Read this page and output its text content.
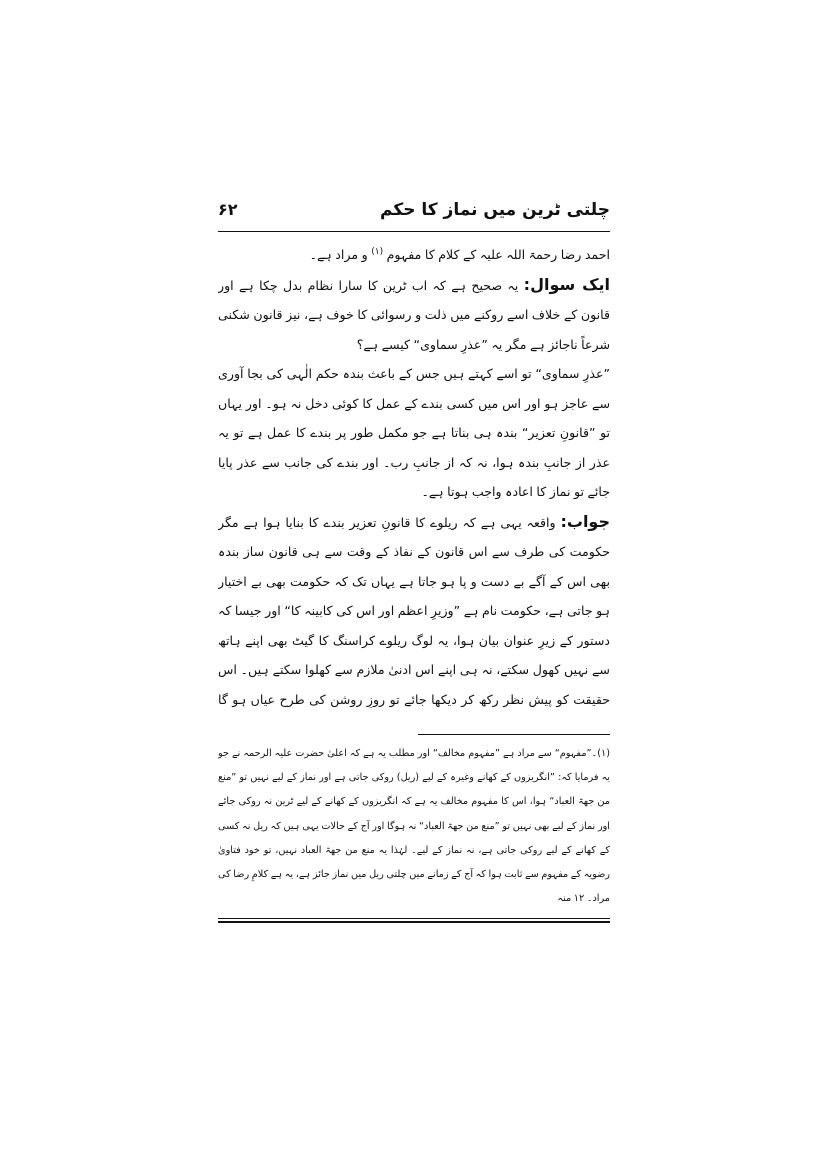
چلتی ٹرین میں نماز کا حکم
۶۲

احمد رضا رحمۃ اللہ علیہ کے کلام کا مفہوم $^{(۱)}$ و مراد ہے۔

ایک سوال: یہ صحیح ہے کہ اب ٹرین کا سارا نظام بدل چکا ہے اور قانون کے خلاف اسے روکنے میں ذلت و رسوائی کا خوف ہے، نیز قانون شکنی شرعاً ناجائز ہے مگر یہ ”عذرِ سماوی“ کیسے ہے؟

”عذرِ سماوی“ تو اسے کہتے ہیں جس کے باعث بندہ حکم الٰہی کی بجا آوری سے عاجز ہو اور اس میں کسی بندے کے عمل کا کوئی دخل نہ ہو۔ اور یہاں تو ”قانونِ تعزیر“ بندہ ہی بناتا ہے جو مکمل طور پر بندے کا عمل ہے تو یہ عذر از جانبِ بندہ ہوا، نہ کہ از جانبِ رب۔ اور بندے کی جانب سے عذر پایا جائے تو نماز کا اعادہ واجب ہوتا ہے۔

جواب: واقعہ یہی ہے کہ ریلوے کا قانونِ تعزیر بندے کا بنایا ہوا ہے مگر حکومت کی طرف سے اس قانون کے نفاذ کے وقت سے ہی قانون ساز بندہ بھی اس کے آگے بے دست و پا ہو جاتا ہے یہاں تک کہ حکومت بھی بے اختیار ہو جاتی ہے، حکومت نام ہے ”وزیرِ اعظم اور اس کی کابینہ کا“ اور جیسا کہ دستور کے زیرِ عنوان بیان ہوا، یہ لوگ ریلوے کراسنگ کا گیٹ بھی اپنے ہاتھ سے نہیں کھول سکتے، نہ ہی اپنے اس ادنیٰ ملازم سے کھلوا سکتے ہیں۔ اس حقیقت کو پیشِ نظر رکھ کر دیکھا جائے تو روزِ روشن کی طرح عیاں ہو گا

(۱)۔”مفہوم“ سے مراد ہے ”مفہوم مخالف“ اور مطلب یہ ہے کہ اعلیٰ حضرت علیہ الرحمہ نے جو یہ فرمایا کہ: ”انگریزوں کے کھانے وغیرہ کے لیے (ریل) روکی جاتی ہے اور نماز کے لیے نہیں تو ”منع من جھۃ العباد“ ہوا، اس کا مفہوم مخالف یہ ہے کہ انگریزوں کے کھانے کے لیے ٹرین نہ روکی جائے اور نماز کے لیے بھی نہیں تو ”منع من جھۃ العباد“ نہ ہوگا اور آج کے حالات یہی ہیں کہ ریل نہ کسی کے کھانے کے لیے روکی جاتی ہے، نہ نماز کے لیے۔ لہٰذا یہ منع من جھۃ العباد نہیں، تو خود فتاویٰ رضویہ کے مفہوم سے ثابت ہوا کہ آج کے زمانے میں چلتی ریل میں نماز جائز ہے، یہ ہے کلامِ رضا کی مراد۔ ۱۲ منہ
